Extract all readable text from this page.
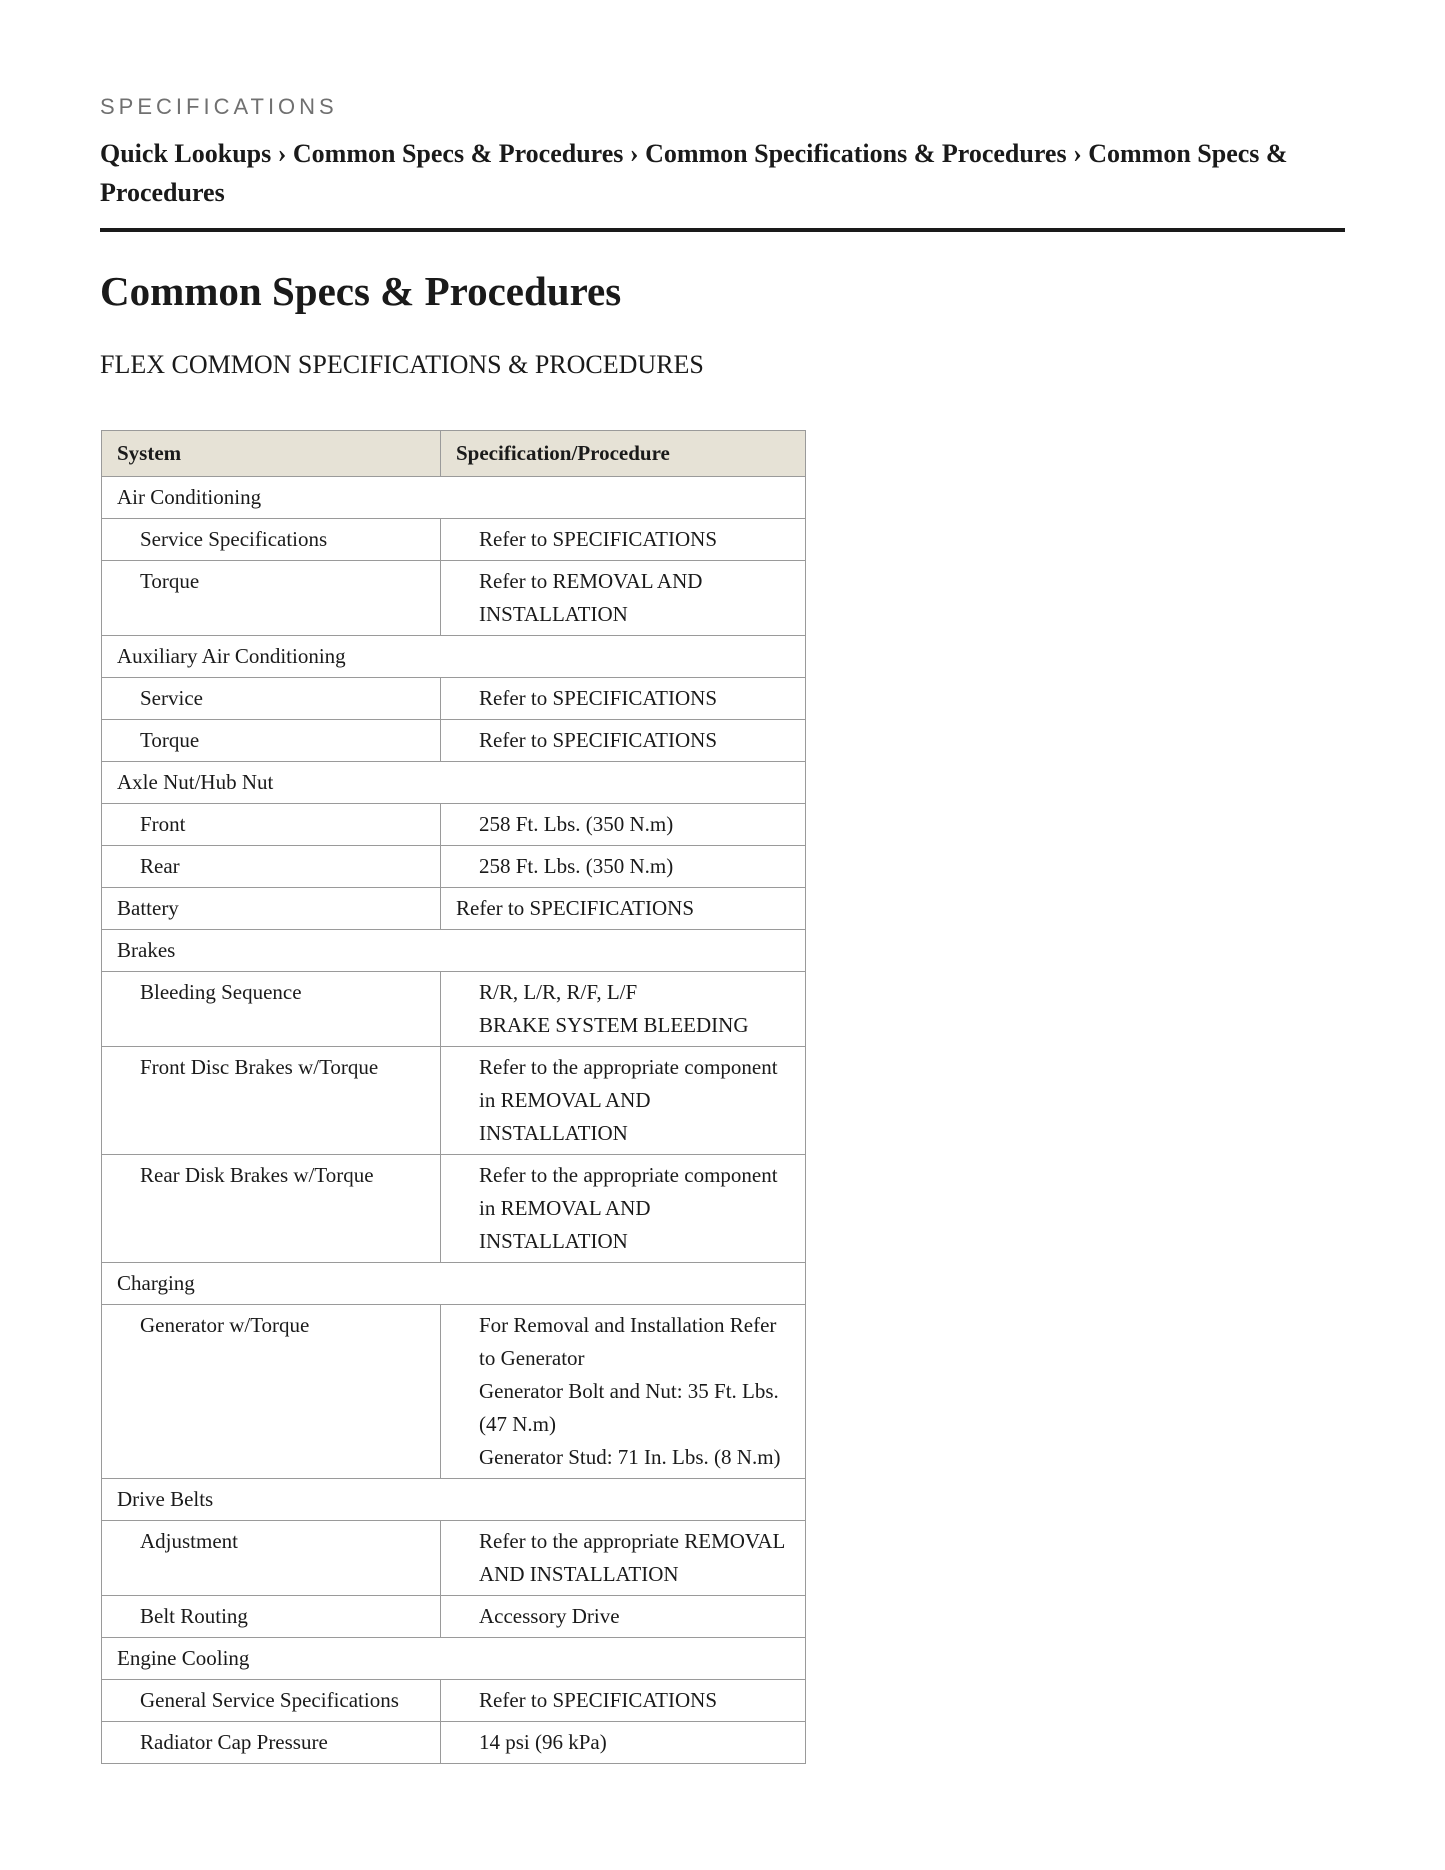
SPECIFICATIONS
Quick Lookups › Common Specs & Procedures › Common Specifications & Procedures › Common Specs & Procedures
Common Specs & Procedures
FLEX COMMON SPECIFICATIONS & PROCEDURES
System	Specification/Procedure
Air Conditioning	
Service Specifications	Refer to SPECIFICATIONS

Torque	Refer to REMOVAL AND INSTALLATION

Auxiliary Air Conditioning	
Service	Refer to SPECIFICATIONS

Torque	Refer to SPECIFICATIONS

Axle Nut/Hub Nut	
Front	258 Ft. Lbs. (350 N.m)

Rear	258 Ft. Lbs. (350 N.m)

Battery	Refer to SPECIFICATIONS

Brakes	
Bleeding Sequence	R/R, L/R, R/F, L/F
BRAKE SYSTEM BLEEDING

Front Disc Brakes w/Torque	Refer to the appropriate component in REMOVAL AND INSTALLATION

Rear Disk Brakes w/Torque	Refer to the appropriate component in REMOVAL AND INSTALLATION

Charging	
Generator w/Torque	For Removal and Installation Refer to Generator
Generator Bolt and Nut: 35 Ft. Lbs. (47 N.m)
Generator Stud: 71 In. Lbs. (8 N.m)

Drive Belts	
Adjustment	Refer to the appropriate REMOVAL AND INSTALLATION

Belt Routing	Accessory Drive

Engine Cooling	
General Service Specifications	Refer to SPECIFICATIONS

Radiator Cap Pressure	14 psi (96 kPa)
